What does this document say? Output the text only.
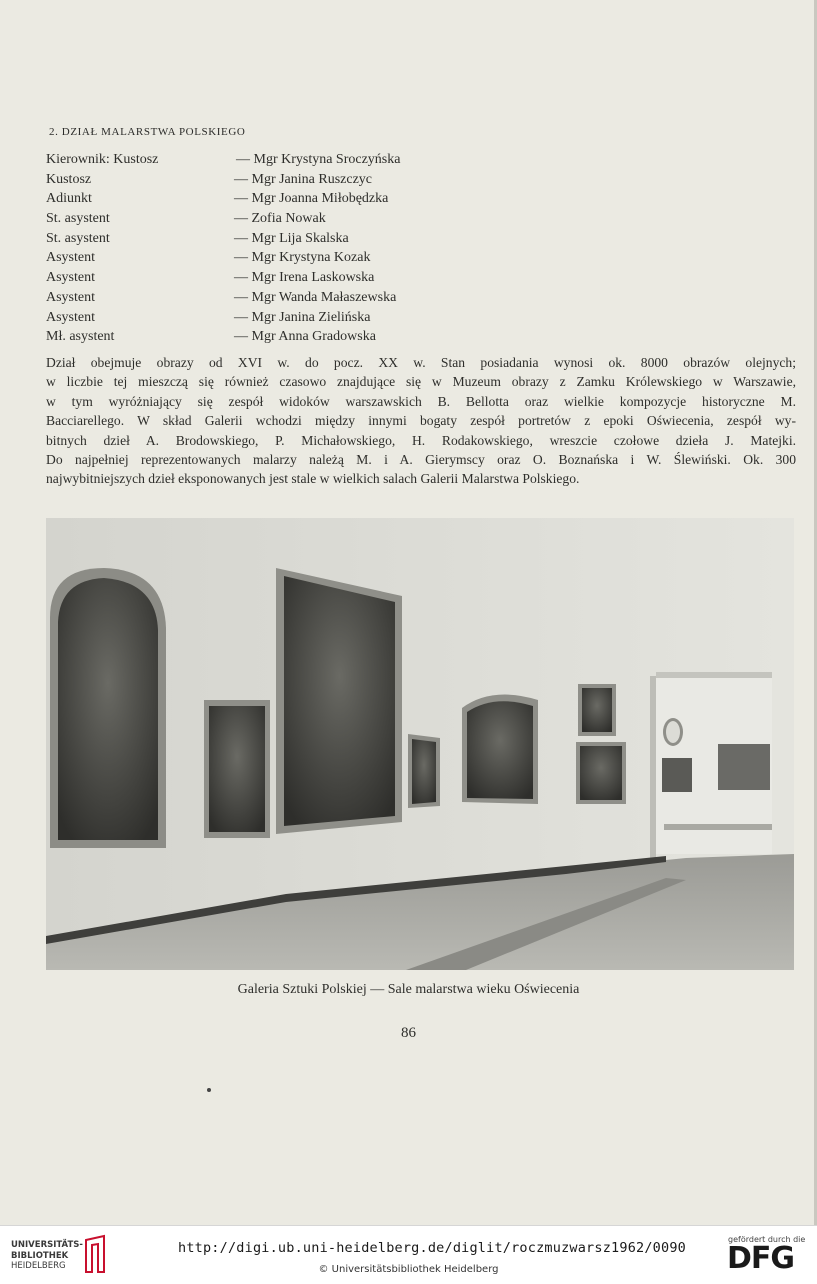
2. DZIAŁ MALARSTWA POLSKIEGO
Kierownik: Kustosz	— Mgr Krystyna Sroczyńska
Kustosz	— Mgr Janina Ruszczyc
Adiunkt	— Mgr Joanna Miłobędzka
St. asystent	— Zofia Nowak
St. asystent	— Mgr Lija Skalska
Asystent	— Mgr Krystyna Kozak
Asystent	— Mgr Irena Laskowska
Asystent	— Mgr Wanda Małaszewska
Asystent	— Mgr Janina Zielińska
Mł. asystent	— Mgr Anna Gradowska
Dział obejmuje obrazy od XVI w. do pocz. XX w. Stan posiadania wynosi ok. 8000 obrazów olejnych;
w liczbie tej mieszczą się również czasowo znajdujące się w Muzeum obrazy z Zamku Królewskiego w Warszawie,
w tym wyróżniający się zespół widoków warszawskich B. Bellotta oraz wielkie kompozycje historyczne M.
Bacciarellego. W skład Galerii wchodzi między innymi bogaty zespół portretów z epoki Oświecenia, zespół wy-
bitnych dzieł A. Brodowskiego, P. Michałowskiego, H. Rodakowskiego, wreszcie czołowe dzieła J. Matejki.
Do najpełniej reprezentowanych malarzy należą M. i A. Gierymscy oraz O. Boznańska i W. Ślewiński. Ok. 300
najwybitniejszych dzieł eksponowanych jest stale w wielkich salach Galerii Malarstwa Polskiego.
Galeria Sztuki Polskiej — Sale malarstwa wieku Oświecenia
86
UNIVERSITÄTS-
BIBLIOTHEK
HEIDELBERG
http://digi.ub.uni-heidelberg.de/diglit/roczmuzwarsz1962/0090
© Universitätsbibliothek Heidelberg
gefördert durch die
DFG
